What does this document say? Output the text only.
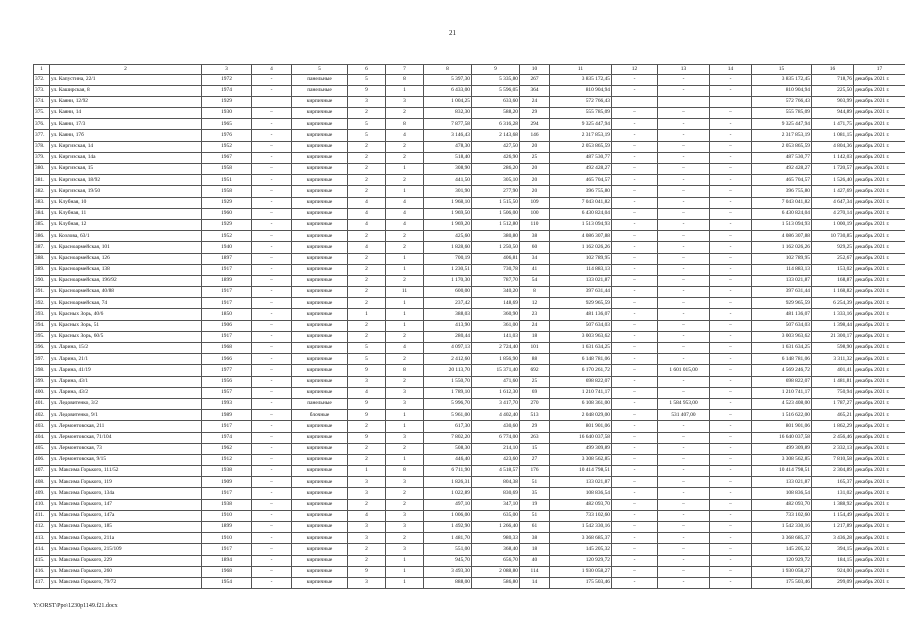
21
1	2	3	4	5	6	7	8	9	10	11	12	13	14	15	16	17
372.	ул. Капустина, 22/1	1972	-	панельные	5	8	5 397,30	5 335,80	267	3 835 172,45	-	-	-	3 835 172,45	718,76	декабрь 2021 г.
373.	ул. Каширская, 8	1974	-	панельные	9	1	6 433,00	5 596,05	364	810 904,94	-	-	-	810 904,94	225,50	декабрь 2021 г.
374.	ул. Каяни, 12/92	1929		кирпичные	3	3	1 004,25	633,60	24	572 766,43				572 766,43	903,99	декабрь 2021 г.
375.	ул. Каяни, 14	1930	–	кирпичные	2	2	832,30	588,20	29	555 785,09	–	–	–	555 785,09	944,89	декабрь 2021 г.
376.	ул. Каяни, 17/3	1965	-	кирпичные	5	8	7 877,58	6 316,28	294	9 325 447,94	-	-	-	9 325 447,94	1 471,75	декабрь 2021 г.
377.	ул. Каяни, 17б	1976	-	кирпичные	5	4	3 146,43	2 143,68	146	2 317 853,19	-	-	-	2 317 853,19	1 081,15	декабрь 2021 г.
378.	ул. Киргизская, 14	1952	–	кирпичные	2	2	478,30	427,50	20	2 053 865,59	–	–	–	2 053 865,59	4 804,36	декабрь 2021 г.
379.	ул. Киргизская, 14а	1967	-	кирпичные	2	2	518,40	426,90	25	487 530,77	-	-	-	487 530,77	1 142,03	декабрь 2021 г.
380.	ул. Киргизская, 15	1958	–	кирпичные	2	1	308,90	286,20	20	492 428,27	–	–	–	492 428,27	1 720,57	декабрь 2021 г.
381.	ул. Киргизская, 18/92	1951	-	кирпичные	2	2	441,50	305,10	20	465 704,57	-	-	-	465 704,57	1 526,40	декабрь 2021 г.
382.	ул. Киргизская, 19/50	1958	–	кирпичные	2	1	301,90	277,90	20	396 755,80	–	–	–	396 755,80	1 427,69	декабрь 2021 г.
383.	ул. Клубная, 10	1929	-	кирпичные	4	4	1 968,10	1 515,50	109	7 043 041,82	-	-	-	7 043 041,82	4 647,34	декабрь 2021 г.
384.	ул. Клубная, 11	1960	–	кирпичные	4	4	1 969,50	1 506,00	100	6 430 824,04	–	–	–	6 430 824,04	4 270,14	декабрь 2021 г.
385.	ул. Клубная, 12	1929	-	кирпичные	4	4	1 969,20	1 512,80	110	1 513 094,93	-	-	-	1 513 094,93	1 000,19	декабрь 2021 г.
386.	ул. Козлова, 63/1	1952	–	кирпичные	2	2	425,60	380,80	38	4 086 307,88	–	–	–	4 086 307,88	10 730,85	декабрь 2021 г.
387.	ул. Красноармейская, 101	1940	-	кирпичные	4	2	1 828,60	1 250,50	60	1 162 026,26	-	-	-	1 162 026,26	929,25	декабрь 2021 г.
388.	ул. Красноармейская, 126	1897	–	кирпичные	2	1	700,19	406,81	34	102 789,95	–	–	–	102 789,95	252,67	декабрь 2021 г.
389.	ул. Красноармейская, 138	1917	-	кирпичные	2	1	1 230,51	730,78	41	114 883,13	-	-	-	114 883,13	153,02	декабрь 2021 г.
390.	ул. Красноармейская, 196/92	1899	–	кирпичные	2	2	1 170,30	787,70	54	133 021,87	–	–	–	133 021,87	168,87	декабрь 2021 г.
391.	ул. Красноармейская, 40/88	1917	-	кирпичные	2	11	600,00	340,20	8	397 631,44	-	-	-	397 631,44	1 168,82	декабрь 2021 г.
392.	ул. Красноармейская, 74	1917	–	кирпичные	2	1	237,42	148,69	12	929 965,59	–	–	–	929 965,59	6 254,39	декабрь 2021 г.
393.	ул. Красных Зорь, 40/6	1850	-	кирпичные	1	1	388,03	360,90	23	481 136,07	-	-	-	481 136,07	1 333,16	декабрь 2021 г.
394.	ул. Красных Зорь, 51	1906	–	кирпичные	2	1	413,90	361,00	24	507 634,03	–	–	–	507 634,03	1 398,44	декабрь 2021 г.
395.	ул. Красных Зорь, 60/5	1917	-	кирпичные	2	2	280,44	141,03	18	3 003 963,62	-	-	-	3 003 963,62	21 300,17	декабрь 2021 г.
396.	ул. Ларина, 15/2	1968	–	кирпичные	5	4	4 097,13	2 724,40	101	1 631 634,25	–	–	–	1 631 634,25	598,90	декабрь 2021 г.
397.	ул. Ларина, 21/1	1966	-	кирпичные	5	2	2 412,60	1 856,90	88	6 148 781,06	-	-	-	6 148 781,06	3 311,32	декабрь 2021 г.
398.	ул. Ларина, 41/19	1977	–	кирпичные	9	8	20 113,70	15 371,40	692	6 170 261,72	–	1 601 015,00	–	4 569 246,72	401,41	декабрь 2021 г.
399.	ул. Ларина, 43/1	1956	-	кирпичные	3	2	1 550,70	471,60	25	698 822,07	-	-	-	698 822,07	1 481,81	декабрь 2021 г.
400.	ул. Ларина, 43/2	1957	–	кирпичные	4	3	1 789,10	1 612,30	69	1 210 741,17	–	–	–	1 210 741,17	750,94	декабрь 2021 г.
401.	ул. Ледовитенко, 3/2	1993	-	панельные	9	3	5 996,70	3 417,70	270	6 108 361,00	-	1 584 953,00	-	4 523 408,00	1 787,27	декабрь 2021 г.
402.	ул. Ледовитенко, 9/1	1989	–	блочные	9	1	5 961,00	4 402,40	513	2 048 029,00	–	531 407,00	–	1 516 622,00	465,21	декабрь 2021 г.
403.	ул. Лермонтовская, 211	1917	-	кирпичные	2	1	617,30	430,60	29	801 901,06	-	-	-	801 901,06	1 862,29	декабрь 2021 г.
404.	ул. Лермонтовская, 71/104	1974	–	кирпичные	9	3	7 802,20	6 774,00	263	16 640 037,58	–	–	–	16 640 037,58	2 456,46	декабрь 2021 г.
405.	ул. Лермонтовская, 73	1962	-	кирпичные	2	2	508,30	214,10	15	499 309,89	-	-	-	499 309,89	2 332,13	декабрь 2021 г.
406.	ул. Лермонтовская, 9/15	1912	–	кирпичные	2	1	446,40	423,60	27	3 308 562,85	–	–	–	3 308 562,85	7 810,58	декабрь 2021 г.
407.	ул. Максима Горького, 111/52	1938	-	кирпичные	1	8	6 711,90	4 518,57	176	10 414 798,51	-	-	-	10 414 798,51	2 304,89	декабрь 2021 г.
408.	ул. Максима Горького, 119	1909	–	кирпичные	3	3	1 826,31	804,38	51	133 021,87	–	–	–	133 021,87	165,37	декабрь 2021 г.
409.	ул. Максима Горького, 134а	1917	-	кирпичные	3	2	1 022,89	830,69	35	108 836,54	-	-	-	108 836,54	131,02	декабрь 2021 г.
410.	ул. Максима Горького, 147	1938	–	кирпичные	2	2	497,10	347,10	19	482 093,70	–	–	–	482 093,70	1 388,92	декабрь 2021 г.
411.	ул. Максима Горького, 147а	1910	-	кирпичные	4	3	1 006,00	635,00	51	733 102,60	-	-	-	733 102,60	1 154,49	декабрь 2021 г.
412.	ул. Максима Горького, 185	1899	–	кирпичные	3	3	1 492,90	1 266,40	61	1 542 330,16	–	–	–	1 542 330,16	1 217,89	декабрь 2021 г.
413.	ул. Максима Горького, 211а	1910	-	кирпичные	3	2	1 481,70	980,33	38	3 368 685,37	-	-	-	3 368 685,37	3 436,28	декабрь 2021 г.
414.	ул. Максима Горького, 215/109	1917	–	кирпичные	2	3	551,00	368,40	18	145 205,32	–	–	–	145 205,32	394,15	декабрь 2021 г.
415.	ул. Максима Горького, 229	1894	-	кирпичные	2	1	945,70	656,70	40	120 929,72	-	-	-	120 929,72	184,15	декабрь 2021 г.
416.	ул. Максима Горького, 260	1968	–	кирпичные	9	1	3 493,30	2 088,80	114	1 930 058,27	–	–	–	1 930 058,27	924,00	декабрь 2021 г.
417.	ул. Максима Горького, 79/72	1954	-	кирпичные	3	1	888,00	586,80	14	175 503,46	-	-	-	175 503,46	299,09	декабрь 2021 г.
Y:\ORST\Ppo\1230p1149.f21.docx
